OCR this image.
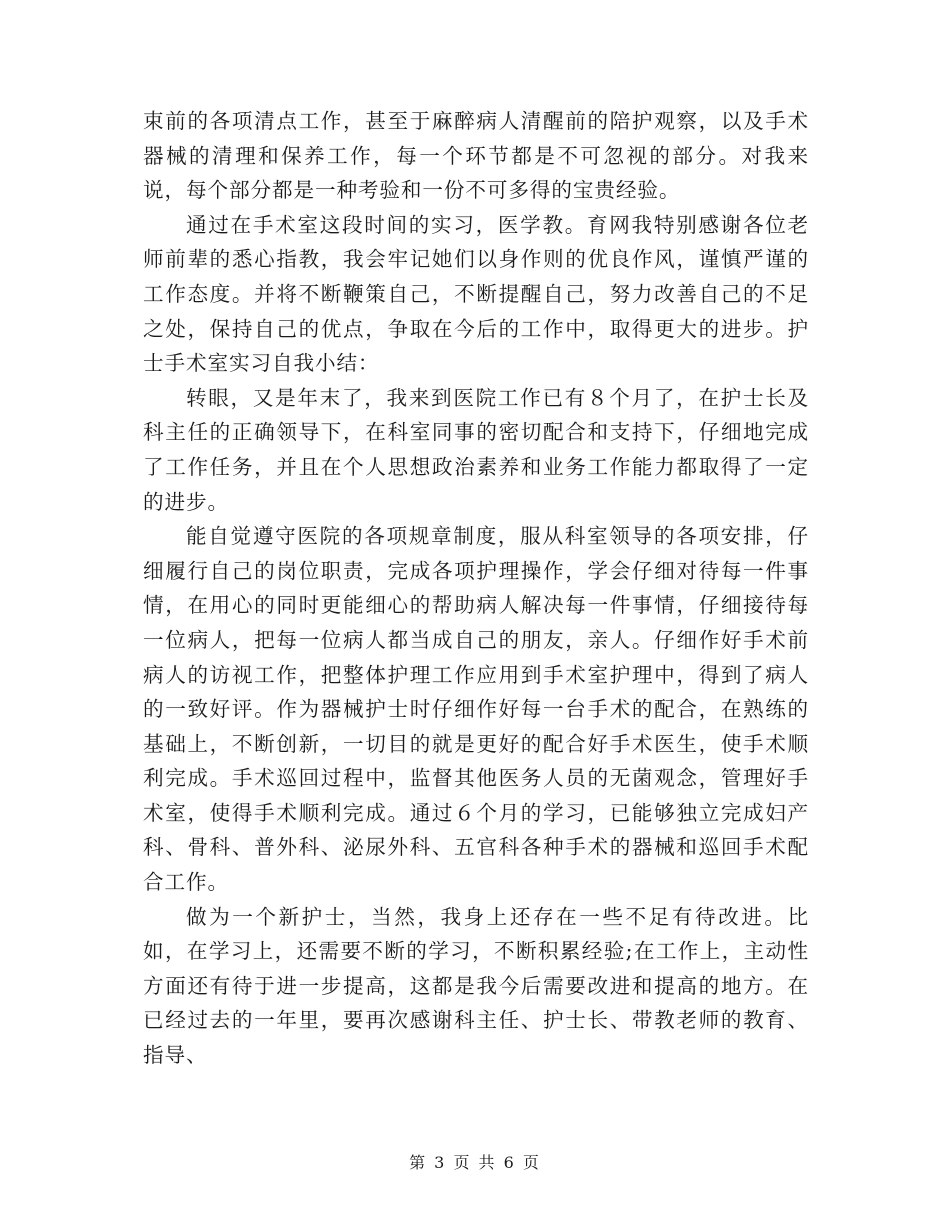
束前的各项清点工作，甚至于麻醉病人清醒前的陪护观察，以及手术器械的清理和保养工作，每一个环节都是不可忽视的部分。对我来说，每个部分都是一种考验和一份不可多得的宝贵经验。

通过在手术室这段时间的实习，医学教。育网我特别感谢各位老师前辈的悉心指教，我会牢记她们以身作则的优良作风，谨慎严谨的工作态度。并将不断鞭策自己，不断提醒自己，努力改善自己的不足之处，保持自己的优点，争取在今后的工作中，取得更大的进步。护士手术室实习自我小结：

转眼，又是年末了，我来到医院工作已有８个月了，在护士长及科主任的正确领导下，在科室同事的密切配合和支持下，仔细地完成了工作任务，并且在个人思想政治素养和业务工作能力都取得了一定的进步。

能自觉遵守医院的各项规章制度，服从科室领导的各项安排，仔细履行自己的岗位职责，完成各项护理操作，学会仔细对待每一件事情，在用心的同时更能细心的帮助病人解决每一件事情，仔细接待每一位病人，把每一位病人都当成自己的朋友，亲人。仔细作好手术前病人的访视工作，把整体护理工作应用到手术室护理中，得到了病人的一致好评。作为器械护士时仔细作好每一台手术的配合，在熟练的基础上，不断创新，一切目的就是更好的配合好手术医生，使手术顺利完成。手术巡回过程中，监督其他医务人员的无菌观念，管理好手术室，使得手术顺利完成。通过６个月的学习，已能够独立完成妇产科、骨科、普外科、泌尿外科、五官科各种手术的器械和巡回手术配合工作。

做为一个新护士，当然，我身上还存在一些不足有待改进。比如，在学习上，还需要不断的学习，不断积累经验;在工作上，主动性方面还有待于进一步提高，这都是我今后需要改进和提高的地方。在已经过去的一年里，要再次感谢科主任、护士长、带教老师的教育、指导、

第 3 页 共 6 页
